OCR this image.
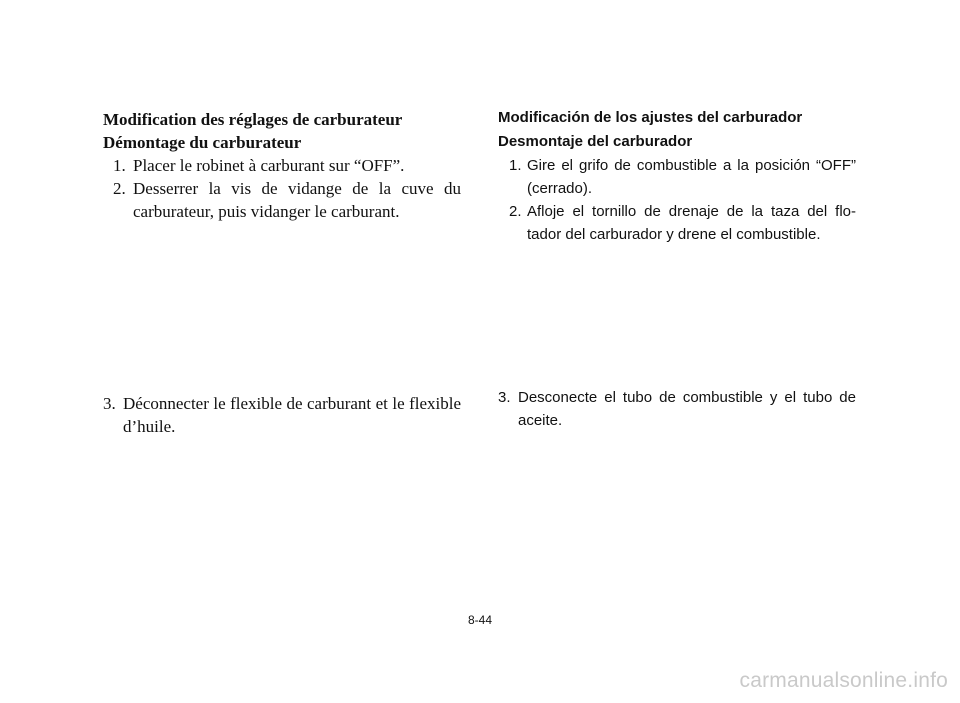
Modification des réglages de carburateur

Démontage du carburateur

1. Placer le robinet à carburant sur “OFF”.
2. Desserrer la vis de vidange de la cuve du carburateur, puis vidanger le carburant.
3. Déconnecter le flexible de carburant et le flexible d’huile.

Modificación de los ajustes del carburador

Desmontaje del carburador

1. Gire el grifo de combustible a la posición “OFF” (cerrado).
2. Afloje el tornillo de drenaje de la taza del flo-tador del carburador y drene el combustible.
3. Desconecte el tubo de combustible y el tubo de aceite.
8-44
carmanualsonline.info
